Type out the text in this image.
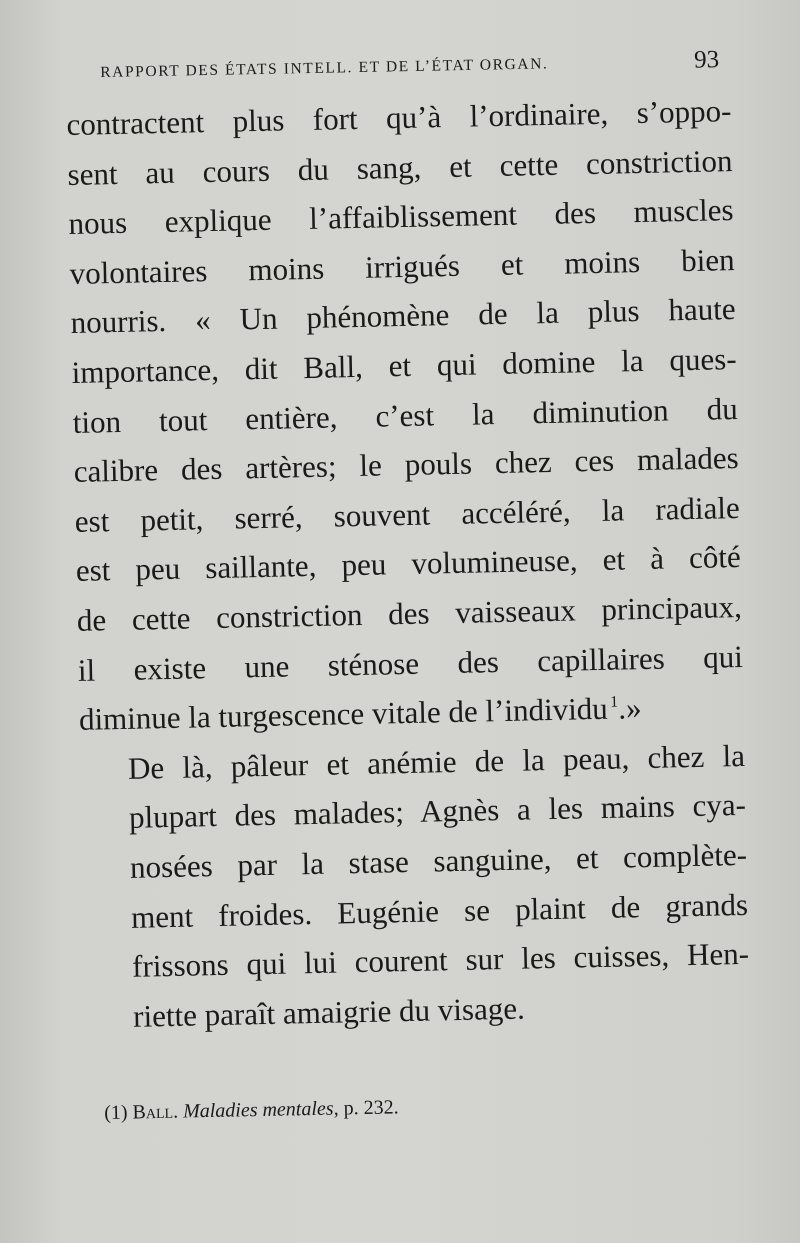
RAPPORT DES ÉTATS INTELL. ET DE L’ÉTAT ORGAN.	93
contractent plus fort qu’à l’ordinaire, s’oppo-
sent au cours du sang, et cette constriction
nous explique l’affaiblissement des muscles
volontaires moins irrigués et moins bien
nourris. « Un phénomène de la plus haute
importance, dit Ball, et qui domine la ques-
tion tout entière, c’est la diminution du
calibre des artères; le pouls chez ces malades
est petit, serré, souvent accéléré, la radiale
est peu saillante, peu volumineuse, et à côté
de cette constriction des vaisseaux principaux,
il existe une sténose des capillaires qui
diminue la turgescence vitale de l’individu  $^1$.»
De là, pâleur et anémie de la peau, chez la
plupart des malades; Agnès a les mains cya-
nosées par la stase sanguine, et complète-
ment froides. Eugénie se plaint de grands
frissons qui lui courent sur les cuisses, Hen-
riette paraît amaigrie du visage.
(1) Ball. Maladies mentales, p. 232.
